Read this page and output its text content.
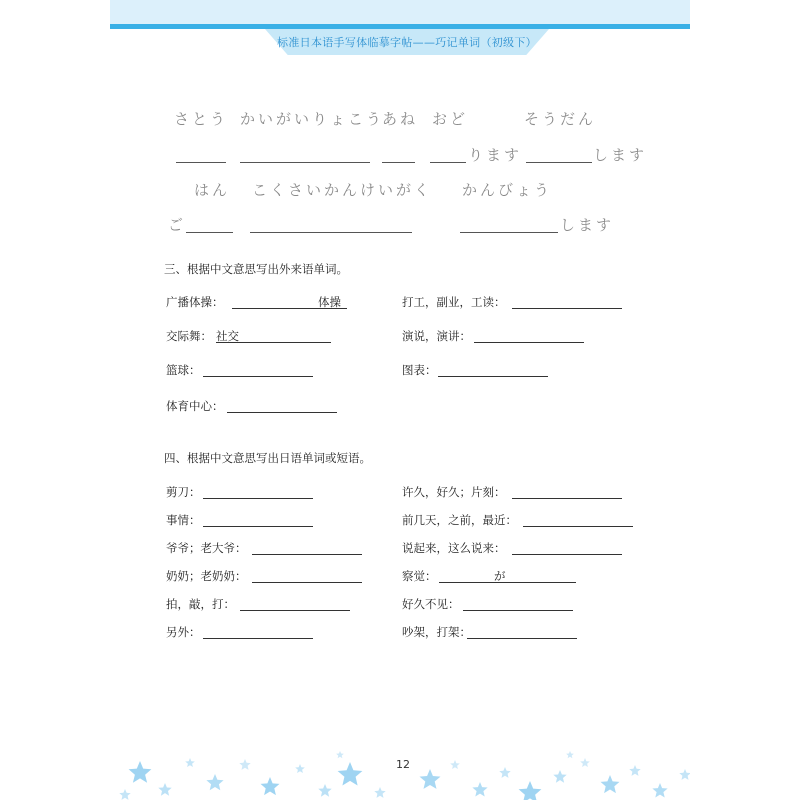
标准日本语手写体临摹字帖——巧记单词（初级下）
さとう かいがいりょこう
あね おど	そうだん
ります	します
はん こくさいかんけいがく かんびょう
ご	します
三、根据中文意思写出外来语单词。
广播体操：	体操	打工，副业，工读：
交际舞： 社交	演说，演讲：
篮球：	图表：
体育中心：
四、根据中文意思写出日语单词或短语。
剪刀：	许久，好久；片刻：
事情：	前几天，之前，最近：
爷爷；老大爷：	说起来，这么说来：
奶奶；老奶奶：	察觉：	が
拍，敲，打：	好久不见：
另外：	吵架，打架：
12
